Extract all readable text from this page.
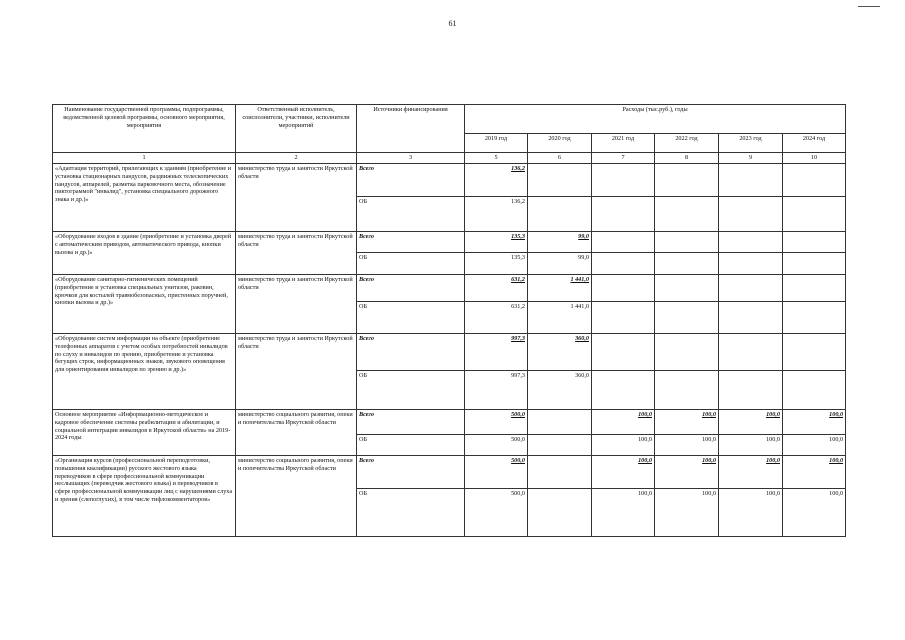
61
Наименование государственной программы, подпрограммы, ведомственной целевой программы, основного мероприятия, мероприятия	Ответственный исполнитель, соисполнители, участники, исполнители мероприятий	Источники финансирования	Расходы (тыс.руб.), годы					
			2019 год	2020 год	2021 год	2022 год	2023 год	2024 год
1	2	3	5	6	7	8	9	10
«Адаптация территорий, прилегающих к зданиям (приобретение и установка стационарных пандусов, раздвижных телескопических пандусов, аппарелей, разметка парковочного места, обозначение пиктограммой "инвалид", установка специального дорожного знака и др.)»	министерство труда и занятости Иркутской области	Всего	136,2					
		ОБ	136,2					
«Оборудование входов в здание (приобретение и установка дверей с автоматическим приводом, автоматического привода, кнопки вызова и др.)»	министерство труда и занятости Иркутской области	Всего	135,3	99,0				
		ОБ	135,3	99,0				
«Оборудование санитарно-гигиенических помещений (приобретение и установка специальных унитазов, раковин, крючков для костылей травмобезопасных, пристенных поручней, кнопки вызова и др.)»	министерство труда и занятости Иркутской области	Всего	631,2	1 441,0				
		ОБ	631,2	1 441,0				
«Оборудование систем информации на объекте (приобретение телефонных аппаратов с учетом особых потребностей инвалидов по слуху и инвалидов по зрению, приобретение и установка бегущих строк, информационных знаков, звукового оповещения для ориентирования инвалидов по зрению и др.)»	министерство труда и занятости Иркутской области	Всего	997,3	360,0				
		ОБ	997,3	360,0				
Основное мероприятие «Информационно-методическое и кадровое обеспечение системы реабилитации и абилитации, и социальной интеграции инвалидов в Иркутской области» на 2019-2024 годы	министерство социального развития, опеки и попечительства Иркутской области	Всего	500,0		100,0	100,0	100,0	100,0
		ОБ	500,0		100,0	100,0	100,0	100,0
«Организация курсов (профессиональной переподготовки, повышения квалификации) русского жестового языка переводчиков в сфере профессиональной коммуникации неслышащих (переводчик жестового языка) и переводчиков в сфере профессиональной коммуникации лиц с нарушениями слуха и зрения (слепоглухих), в том числе тифлокомментаторов»	министерство социального развития, опеки и попечительства Иркутской области	Всего	500,0		100,0	100,0	100,0	100,0
		ОБ	500,0		100,0	100,0	100,0	100,0
